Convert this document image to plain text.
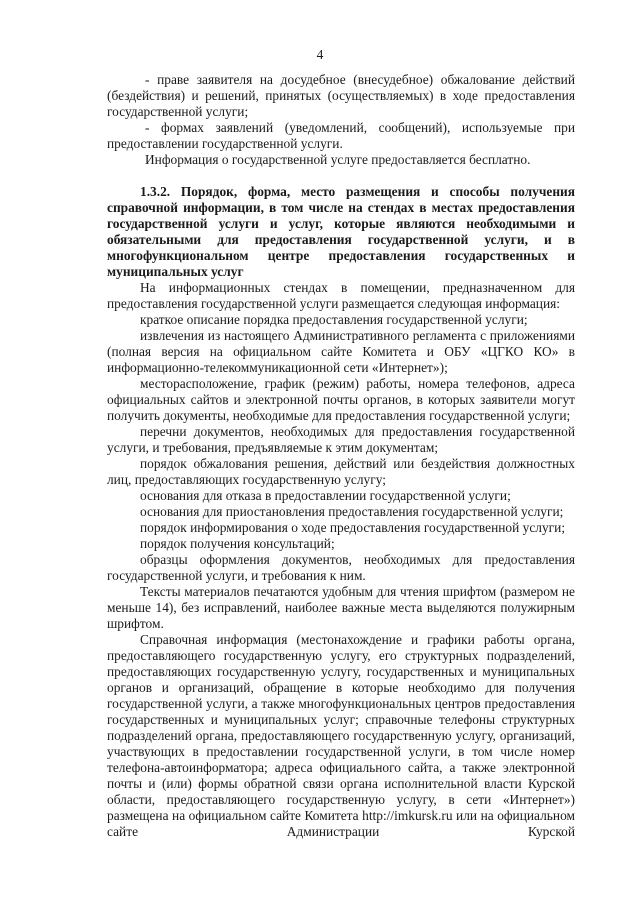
4

- праве заявителя на досудебное (внесудебное) обжалование действий (бездействия) и решений, принятых (осуществляемых) в ходе предоставления государственной услуги;

- формах заявлений (уведомлений, сообщений), используемые при предоставлении государственной услуги.

Информация о государственной услуге предоставляется бесплатно.

1.3.2. Порядок, форма, место размещения и способы получения справочной информации, в том числе на стендах в местах предоставления государственной услуги и услуг, которые являются необходимыми и обязательными для предоставления государственной услуги, и в многофункциональном центре предоставления государственных и муниципальных услуг

На информационных стендах в помещении, предназначенном для предоставления государственной услуги размещается следующая информация:

краткое описание порядка предоставления государственной услуги;

извлечения из настоящего Административного регламента с приложениями (полная версия на официальном сайте Комитета и ОБУ «ЦГКО КО» в информационно-телекоммуникационной сети «Интернет»);

месторасположение, график (режим) работы, номера телефонов, адреса официальных сайтов и электронной почты органов, в которых заявители могут получить документы, необходимые для предоставления государственной услуги;

перечни документов, необходимых для предоставления государственной услуги, и требования, предъявляемые к этим документам;

порядок обжалования решения, действий или бездействия должностных лиц, предоставляющих государственную услугу;

основания для отказа в предоставлении государственной услуги;

основания для приостановления предоставления государственной услуги;

порядок информирования о ходе предоставления государственной услуги;

порядок получения консультаций;

образцы оформления документов, необходимых для предоставления государственной услуги, и требования к ним.

Тексты материалов печатаются удобным для чтения шрифтом (размером не меньше 14), без исправлений, наиболее важные места выделяются полужирным шрифтом.

Справочная информация (местонахождение и графики работы органа, предоставляющего государственную услугу, его структурных подразделений, предоставляющих государственную услугу, государственных и муниципальных органов и организаций, обращение в которые необходимо для получения государственной услуги, а также многофункциональных центров предоставления государственных и муниципальных услуг; справочные телефоны структурных подразделений органа, предоставляющего государственную услугу, организаций, участвующих в предоставлении государственной услуги, в том числе номер телефона-автоинформатора; адреса официального сайта, а также электронной почты и (или) формы обратной связи органа исполнительной власти Курской области, предоставляющего государственную услугу, в сети «Интернет») размещена на официальном сайте Комитета http://imkursk.ru или на официальном сайте Администрации Курской
